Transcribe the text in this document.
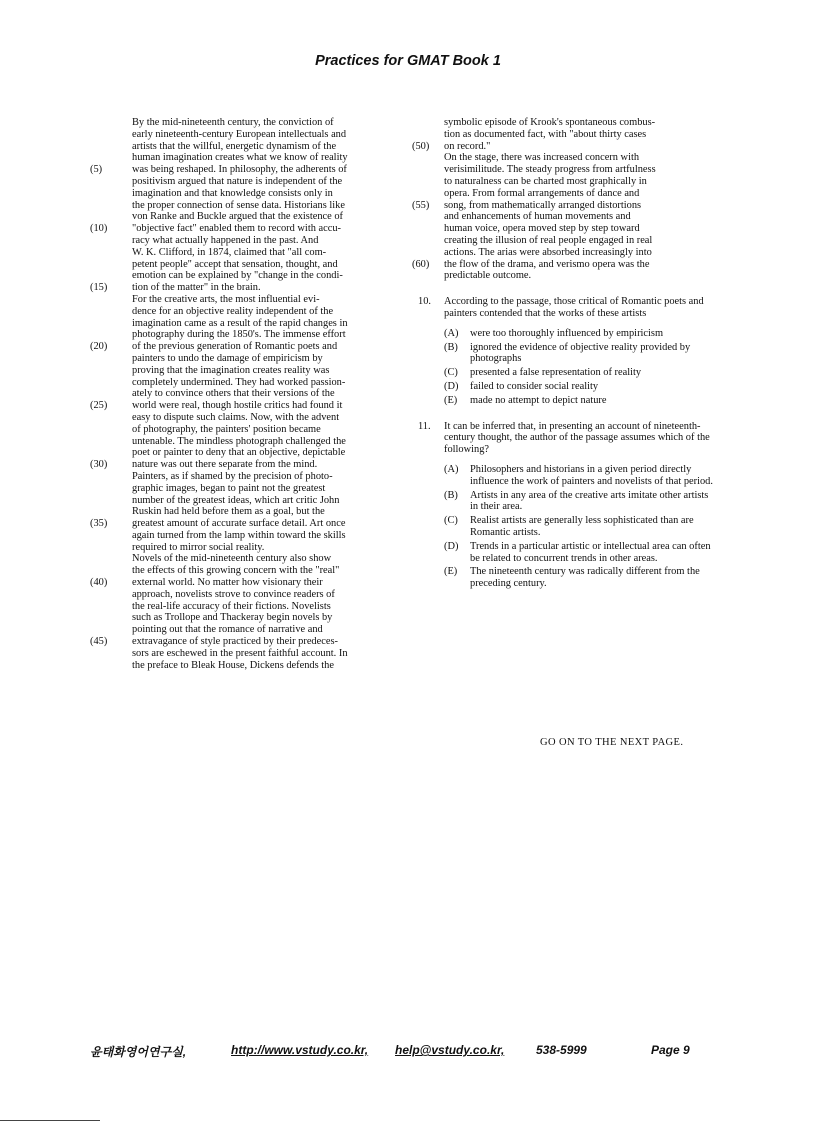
Practices for GMAT Book 1
By the mid-nineteenth century, the conviction of
early nineteenth-century European intellectuals and
artists that the willful, energetic dynamism of the
human imagination creates what we know of reality
(5)	was being reshaped. In philosophy, the adherents of
positivism argued that nature is independent of the
imagination and that knowledge consists only in
the proper connection of sense data. Historians like
von Ranke and Buckle argued that the existence of
(10)	"objective fact" enabled them to record with accu-
racy what actually happened in the past. And
W. K. Clifford, in 1874, claimed that "all com-
petent people" accept that sensation, thought, and
emotion can be explained by "change in the condi-
(15)	tion of the matter" in the brain.
For the creative arts, the most influential evi-
dence for an objective reality independent of the
imagination came as a result of the rapid changes in
photography during the 1850's. The immense effort
(20)	of the previous generation of Romantic poets and
painters to undo the damage of empiricism by
proving that the imagination creates reality was
completely undermined. They had worked passion-
ately to convince others that their versions of the
(25)	world were real, though hostile critics had found it
easy to dispute such claims. Now, with the advent
of photography, the painters' position became
untenable. The mindless photograph challenged the
poet or painter to deny that an objective, depictable
(30)	nature was out there separate from the mind.
Painters, as if shamed by the precision of photo-
graphic images, began to paint not the greatest
number of the greatest ideas, which art critic John
Ruskin had held before them as a goal, but the
(35)	greatest amount of accurate surface detail. Art once
again turned from the lamp within toward the skills
required to mirror social reality.
Novels of the mid-nineteenth century also show
the effects of this growing concern with the "real"
(40)	external world. No matter how visionary their
approach, novelists strove to convince readers of
the real-life accuracy of their fictions. Novelists
such as Trollope and Thackeray begin novels by
pointing out that the romance of narrative and
(45)	extravagance of style practiced by their predeces-
sors are eschewed in the present faithful account. In
the preface to Bleak House, Dickens defends the
symbolic episode of Krook's spontaneous combus-
tion as documented fact, with "about thirty cases
(50)	on record."
On the stage, there was increased concern with
verisimilitude. The steady progress from artfulness
to naturalness can be charted most graphically in
opera. From formal arrangements of dance and
(55)	song, from mathematically arranged distortions
and enhancements of human movements and
human voice, opera moved step by step toward
creating the illusion of real people engaged in real
actions. The arias were absorbed increasingly into
(60)	the flow of the drama, and verismo opera was the
predictable outcome.
10. According to the passage, those critical of Romantic poets and painters contended that the works of these artists
(A) were too thoroughly influenced by empiricism
(B) ignored the evidence of objective reality provided by photographs
(C) presented a false representation of reality
(D) failed to consider social reality
(E) made no attempt to depict nature
11. It can be inferred that, in presenting an account of nineteenth-century thought, the author of the passage assumes which of the following?
(A) Philosophers and historians in a given period directly influence the work of painters and novelists of that period.
(B) Artists in any area of the creative arts imitate other artists in their area.
(C) Realist artists are generally less sophisticated than are Romantic artists.
(D) Trends in a particular artistic or intellectual area can often be related to concurrent trends in other areas.
(E) The nineteenth century was radically different from the preceding century.
GO ON TO THE NEXT PAGE.
윤태화영어연구실,	http://www.vstudy.co.kr, help@vstudy.co.kr,	538-5999	Page 9
